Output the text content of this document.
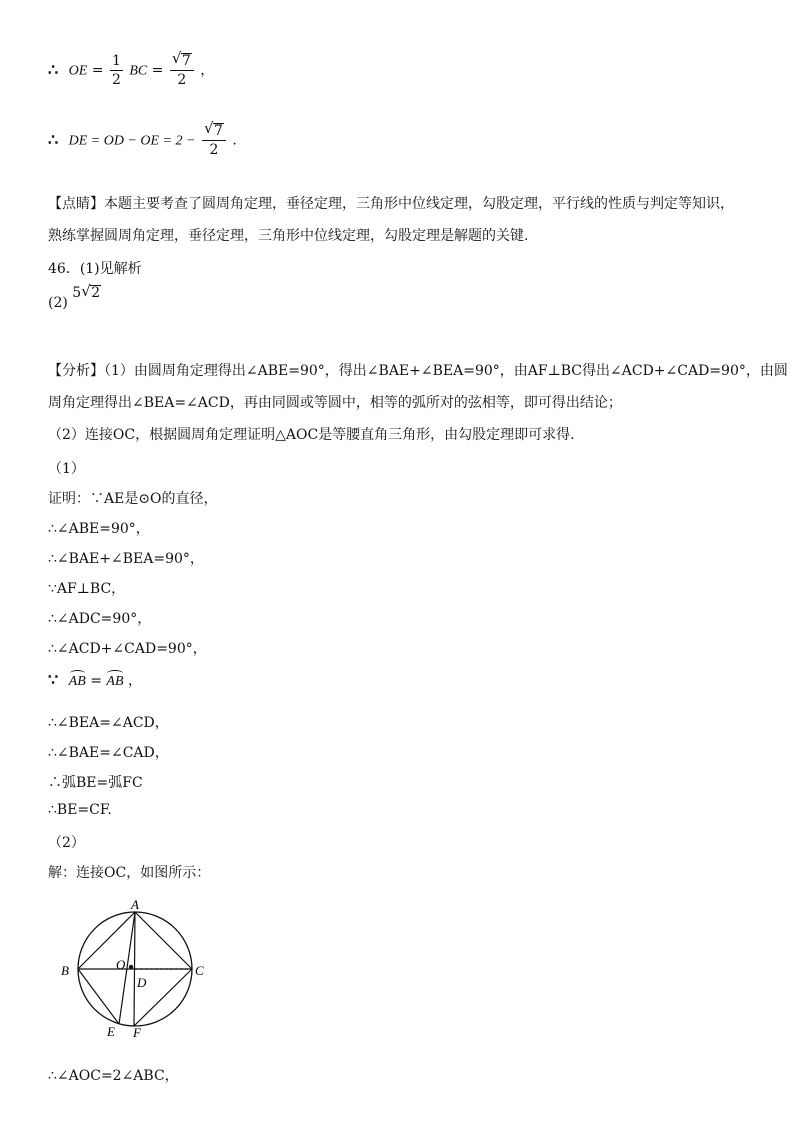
∴ OE = $\frac{1}{2}$ BC = $\frac{√ 7}{2}$ ，
∴ DE = OD − OE = $2 - \frac{√ 7}{2}$ .
【点睛】本题主要考查了圆周角定理，垂径定理，三角形中位线定理，勾股定理，平行线的性质与判定等知识，
熟练掌握圆周角定理，垂径定理，三角形中位线定理，勾股定理是解题的关键.
46．(1)见解析
(2) 5 √ 2
【分析】（1）由圆周角定理得出∠ABE=90°，得出∠BAE+∠BEA=90°，由AF⊥BC得出∠ACD+∠CAD=90°，由圆
周角定理得出∠BEA=∠ACD，再由同圆或等圆中，相等的弧所对的弦相等，即可得出结论；
（2）连接OC，根据圆周角定理证明△AOC是等腰直角三角形，由勾股定理即可求得.
（1）
证明：∵AE是⊙O的直径，
∴∠ABE=90°，
∴∠BAE+∠BEA=90°，
∵AF⊥BC，
∴∠ADC=90°，
∴∠ACD+∠CAD=90°，
∵ AB = AB ，
∴∠BEA=∠ACD，
∴∠BAE=∠CAD，
∴弧BE=弧FC
∴BE=CF.
（2）
解：连接OC，如图所示：
A
B	C
O
D
E F
∴∠AOC=2∠ABC，
